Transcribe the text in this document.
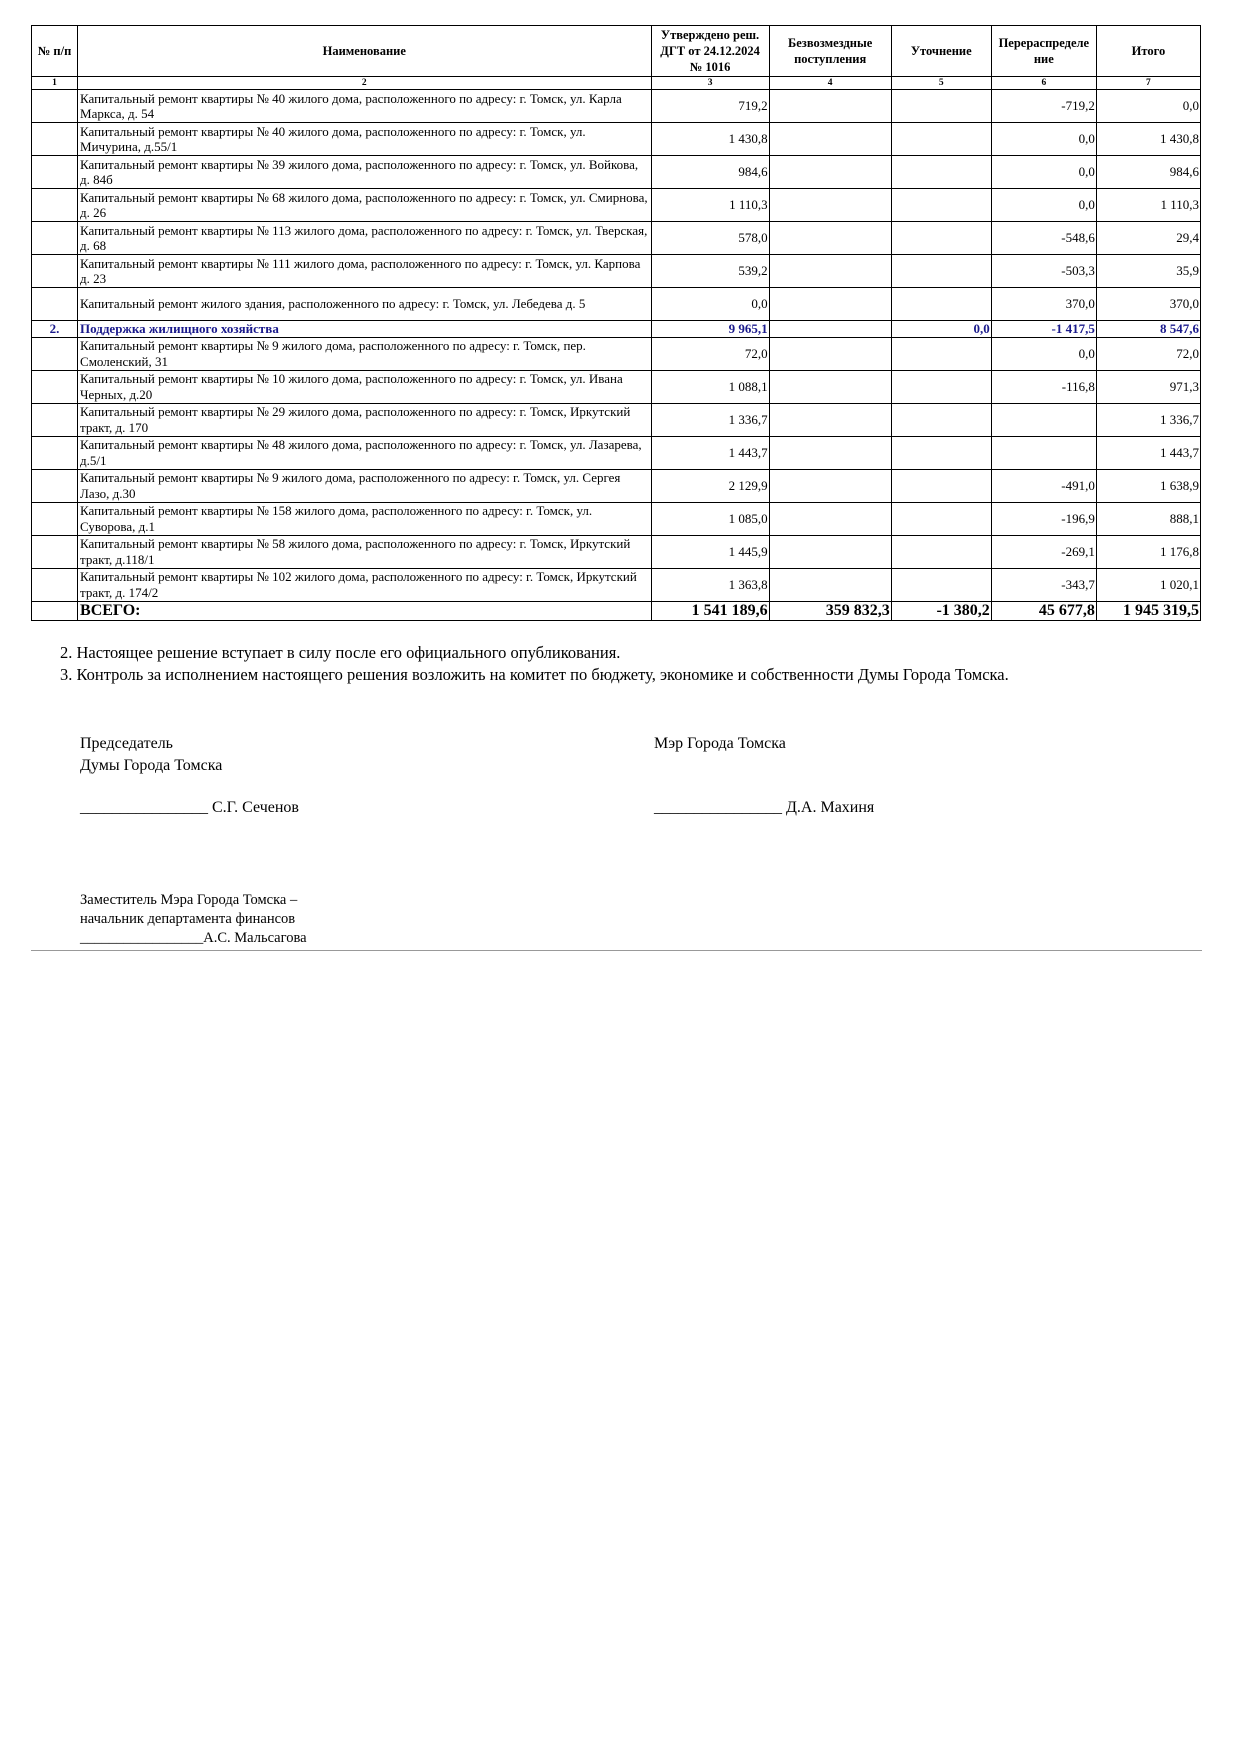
№ п/п	Наименование	Утверждено реш. ДГТ от 24.12.2024 № 1016	Безвозмездные поступления	Уточнение	Перераспределе ние	Итого
1	2	3	4	5	6	7
	Капитальный ремонт квартиры № 40 жилого дома, расположенного по адресу: г. Томск, ул. Карла Маркса, д. 54	719,2			-719,2	0,0
	Капитальный ремонт квартиры № 40 жилого дома, расположенного по адресу: г. Томск, ул. Мичурина, д.55/1	1 430,8			0,0	1 430,8
	Капитальный ремонт квартиры № 39 жилого дома, расположенного по адресу: г. Томск, ул. Войкова, д. 84б	984,6			0,0	984,6
	Капитальный ремонт квартиры № 68 жилого дома, расположенного по адресу: г. Томск, ул. Смирнова, д. 26	1 110,3			0,0	1 110,3
	Капитальный ремонт квартиры № 113 жилого дома, расположенного по адресу: г. Томск, ул. Тверская, д. 68	578,0			-548,6	29,4
	Капитальный ремонт квартиры № 111 жилого дома, расположенного по адресу: г. Томск, ул. Карпова д. 23	539,2			-503,3	35,9
	Капитальный ремонт жилого здания, расположенного по адресу: г. Томск, ул. Лебедева д. 5	0,0			370,0	370,0
2.	Поддержка жилищного хозяйства	9 965,1		0,0	-1 417,5	8 547,6
	Капитальный ремонт квартиры № 9 жилого дома, расположенного по адресу: г. Томск, пер. Смоленский, 31	72,0			0,0	72,0
	Капитальный ремонт квартиры № 10 жилого дома, расположенного по адресу: г. Томск, ул. Ивана Черных, д.20	1 088,1			-116,8	971,3
	Капитальный ремонт квартиры № 29 жилого дома, расположенного по адресу: г. Томск, Иркутский тракт, д. 170	1 336,7				1 336,7
	Капитальный ремонт квартиры № 48 жилого дома, расположенного по адресу: г. Томск, ул. Лазарева, д.5/1	1 443,7				1 443,7
	Капитальный ремонт квартиры № 9 жилого дома, расположенного по адресу: г. Томск, ул. Сергея Лазо, д.30	2 129,9			-491,0	1 638,9
	Капитальный ремонт квартиры № 158 жилого дома, расположенного по адресу: г. Томск, ул. Суворова, д.1	1 085,0			-196,9	888,1
	Капитальный ремонт квартиры № 58 жилого дома, расположенного по адресу: г. Томск, Иркутский тракт, д.118/1	1 445,9			-269,1	1 176,8
	Капитальный ремонт квартиры № 102 жилого дома, расположенного по адресу: г. Томск, Иркутский тракт, д. 174/2	1 363,8			-343,7	1 020,1
	ВСЕГО:	1 541 189,6	359 832,3	-1 380,2	45 677,8	1 945 319,5
2. Настоящее решение вступает в силу после его официального опубликования.
3. Контроль за исполнением настоящего решения возложить на комитет по бюджету, экономике и собственности Думы Города Томска.
Председатель
Думы Города Томска
________________ С.Г. Сеченов
Мэр Города Томска
________________ Д.А. Махиня
Заместитель Мэра Города Томска –
начальник департамента финансов
_________________А.С. Мальсагова
